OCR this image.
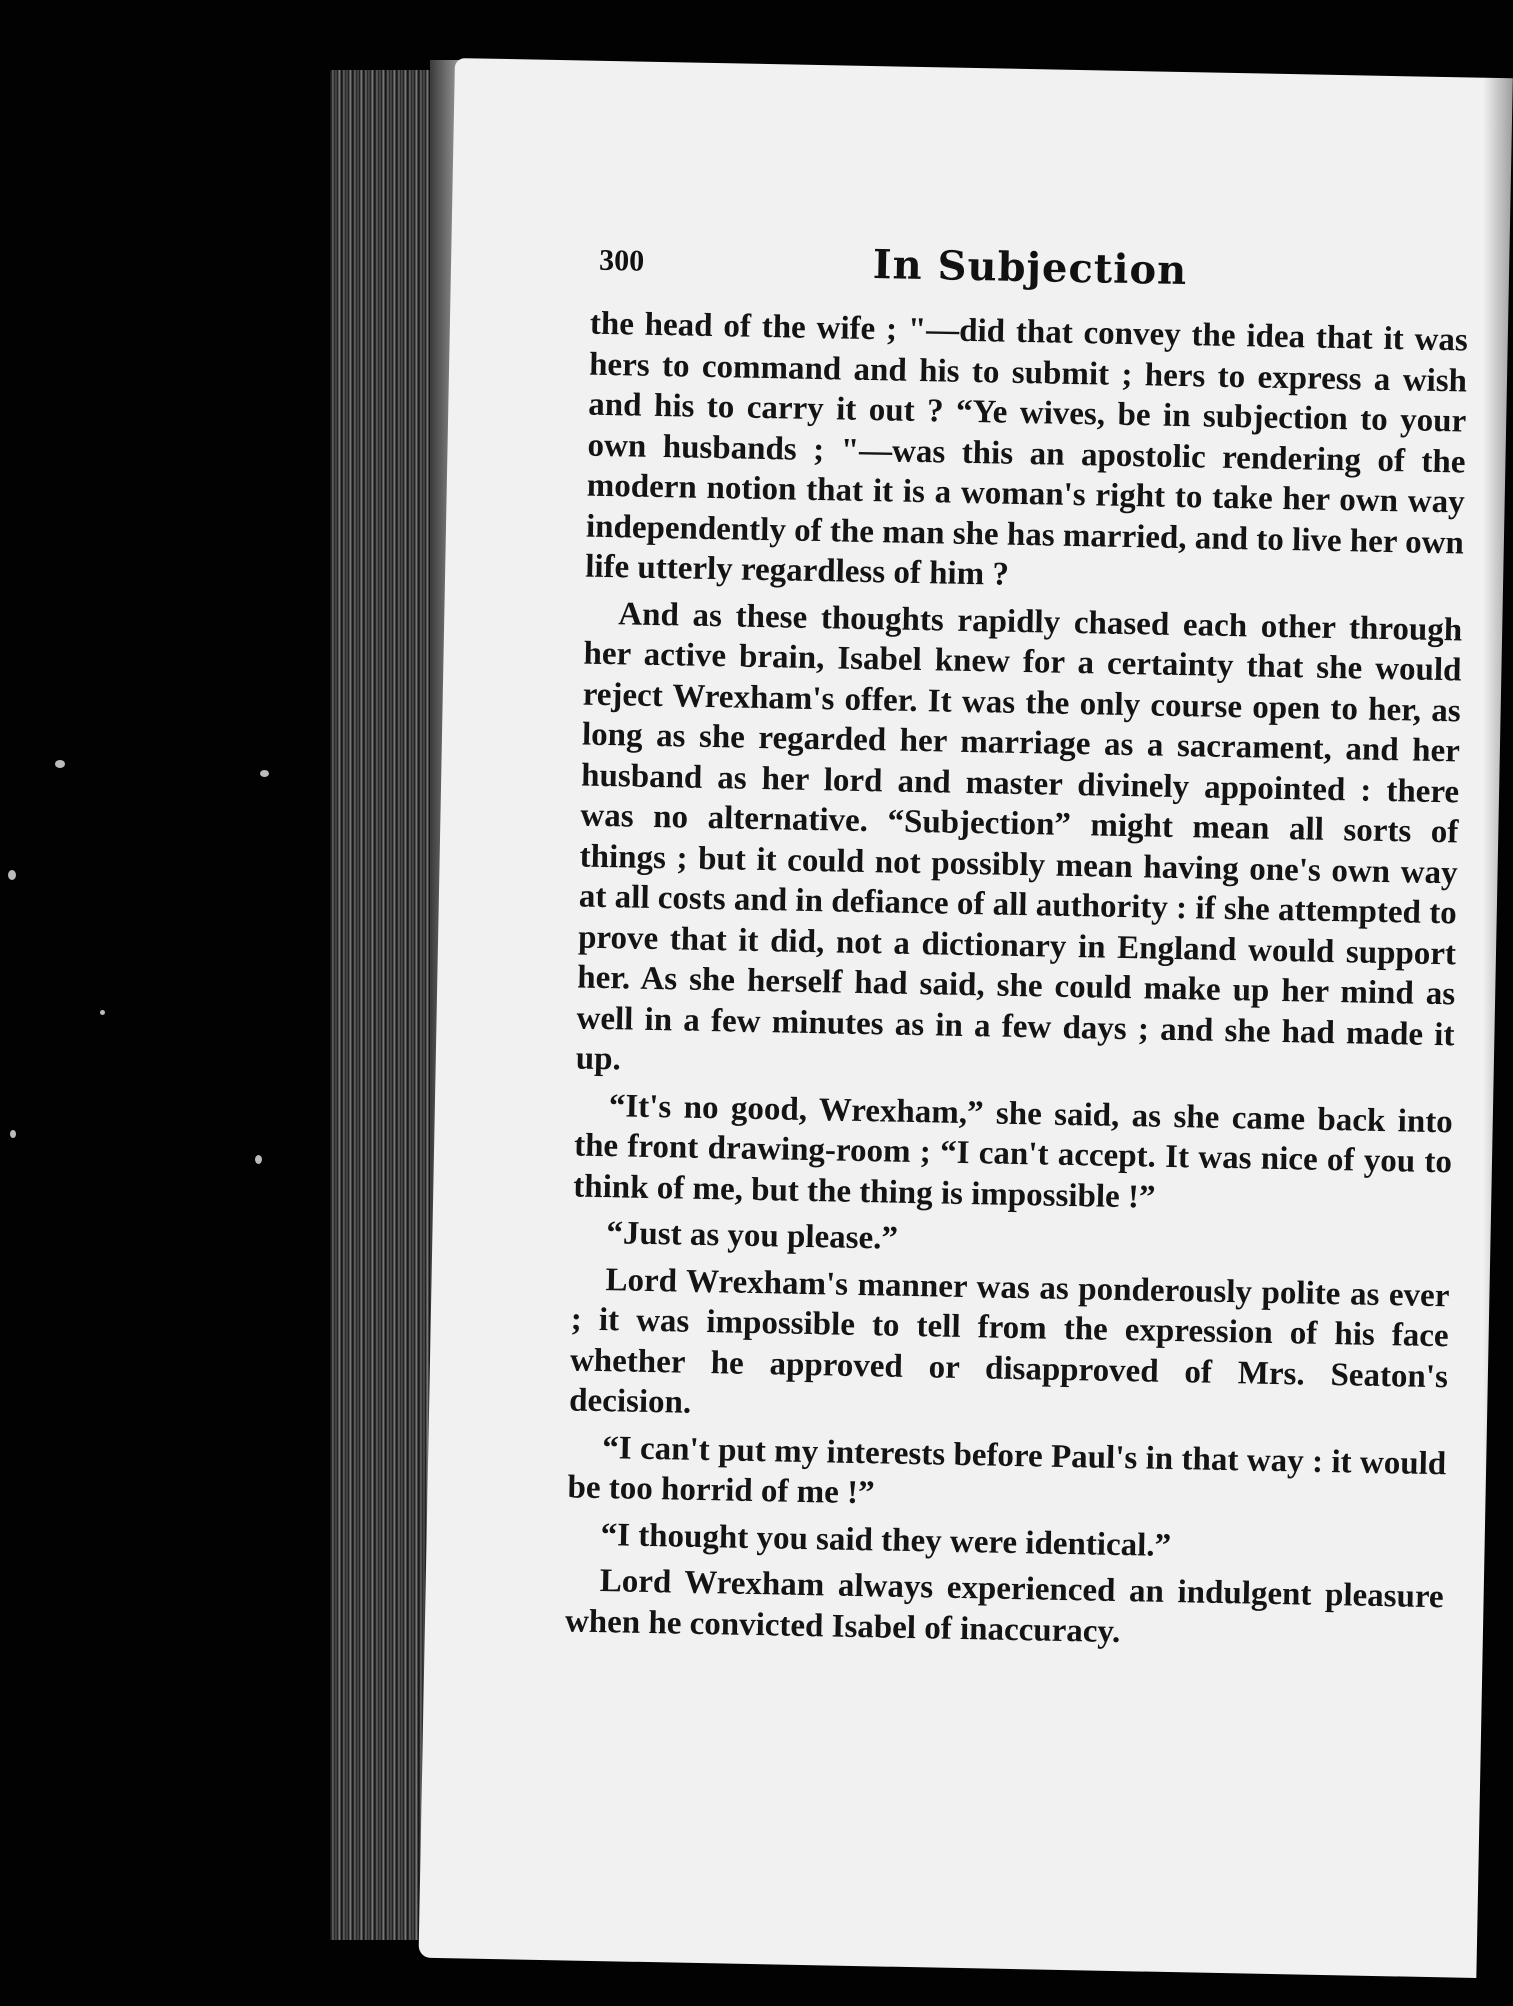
300	In Subjection

the head of the wife ; "—did that convey the idea that it was hers to command and his to submit ; hers to express a wish and his to carry it out ? “Ye wives, be in subjection to your own husbands ; "—was this an apostolic rendering of the modern notion that it is a woman's right to take her own way independently of the man she has married, and to live her own life utterly regardless of him ?

And as these thoughts rapidly chased each other through her active brain, Isabel knew for a certainty that she would reject Wrexham's offer. It was the only course open to her, as long as she regarded her marriage as a sacrament, and her husband as her lord and master divinely appointed : there was no alternative. “Subjection” might mean all sorts of things ; but it could not possibly mean having one's own way at all costs and in defiance of all authority : if she attempted to prove that it did, not a dictionary in England would support her. As she herself had said, she could make up her mind as well in a few minutes as in a few days ; and she had made it up.

“It's no good, Wrexham,” she said, as she came back into the front drawing-room ; “I can't accept. It was nice of you to think of me, but the thing is impossible !”

“Just as you please.”

Lord Wrexham's manner was as ponderously polite as ever ; it was impossible to tell from the expression of his face whether he approved or disapproved of Mrs. Seaton's decision.

“I can't put my interests before Paul's in that way : it would be too horrid of me !”

“I thought you said they were identical.”

Lord Wrexham always experienced an indulgent pleasure when he convicted Isabel of inaccuracy.
